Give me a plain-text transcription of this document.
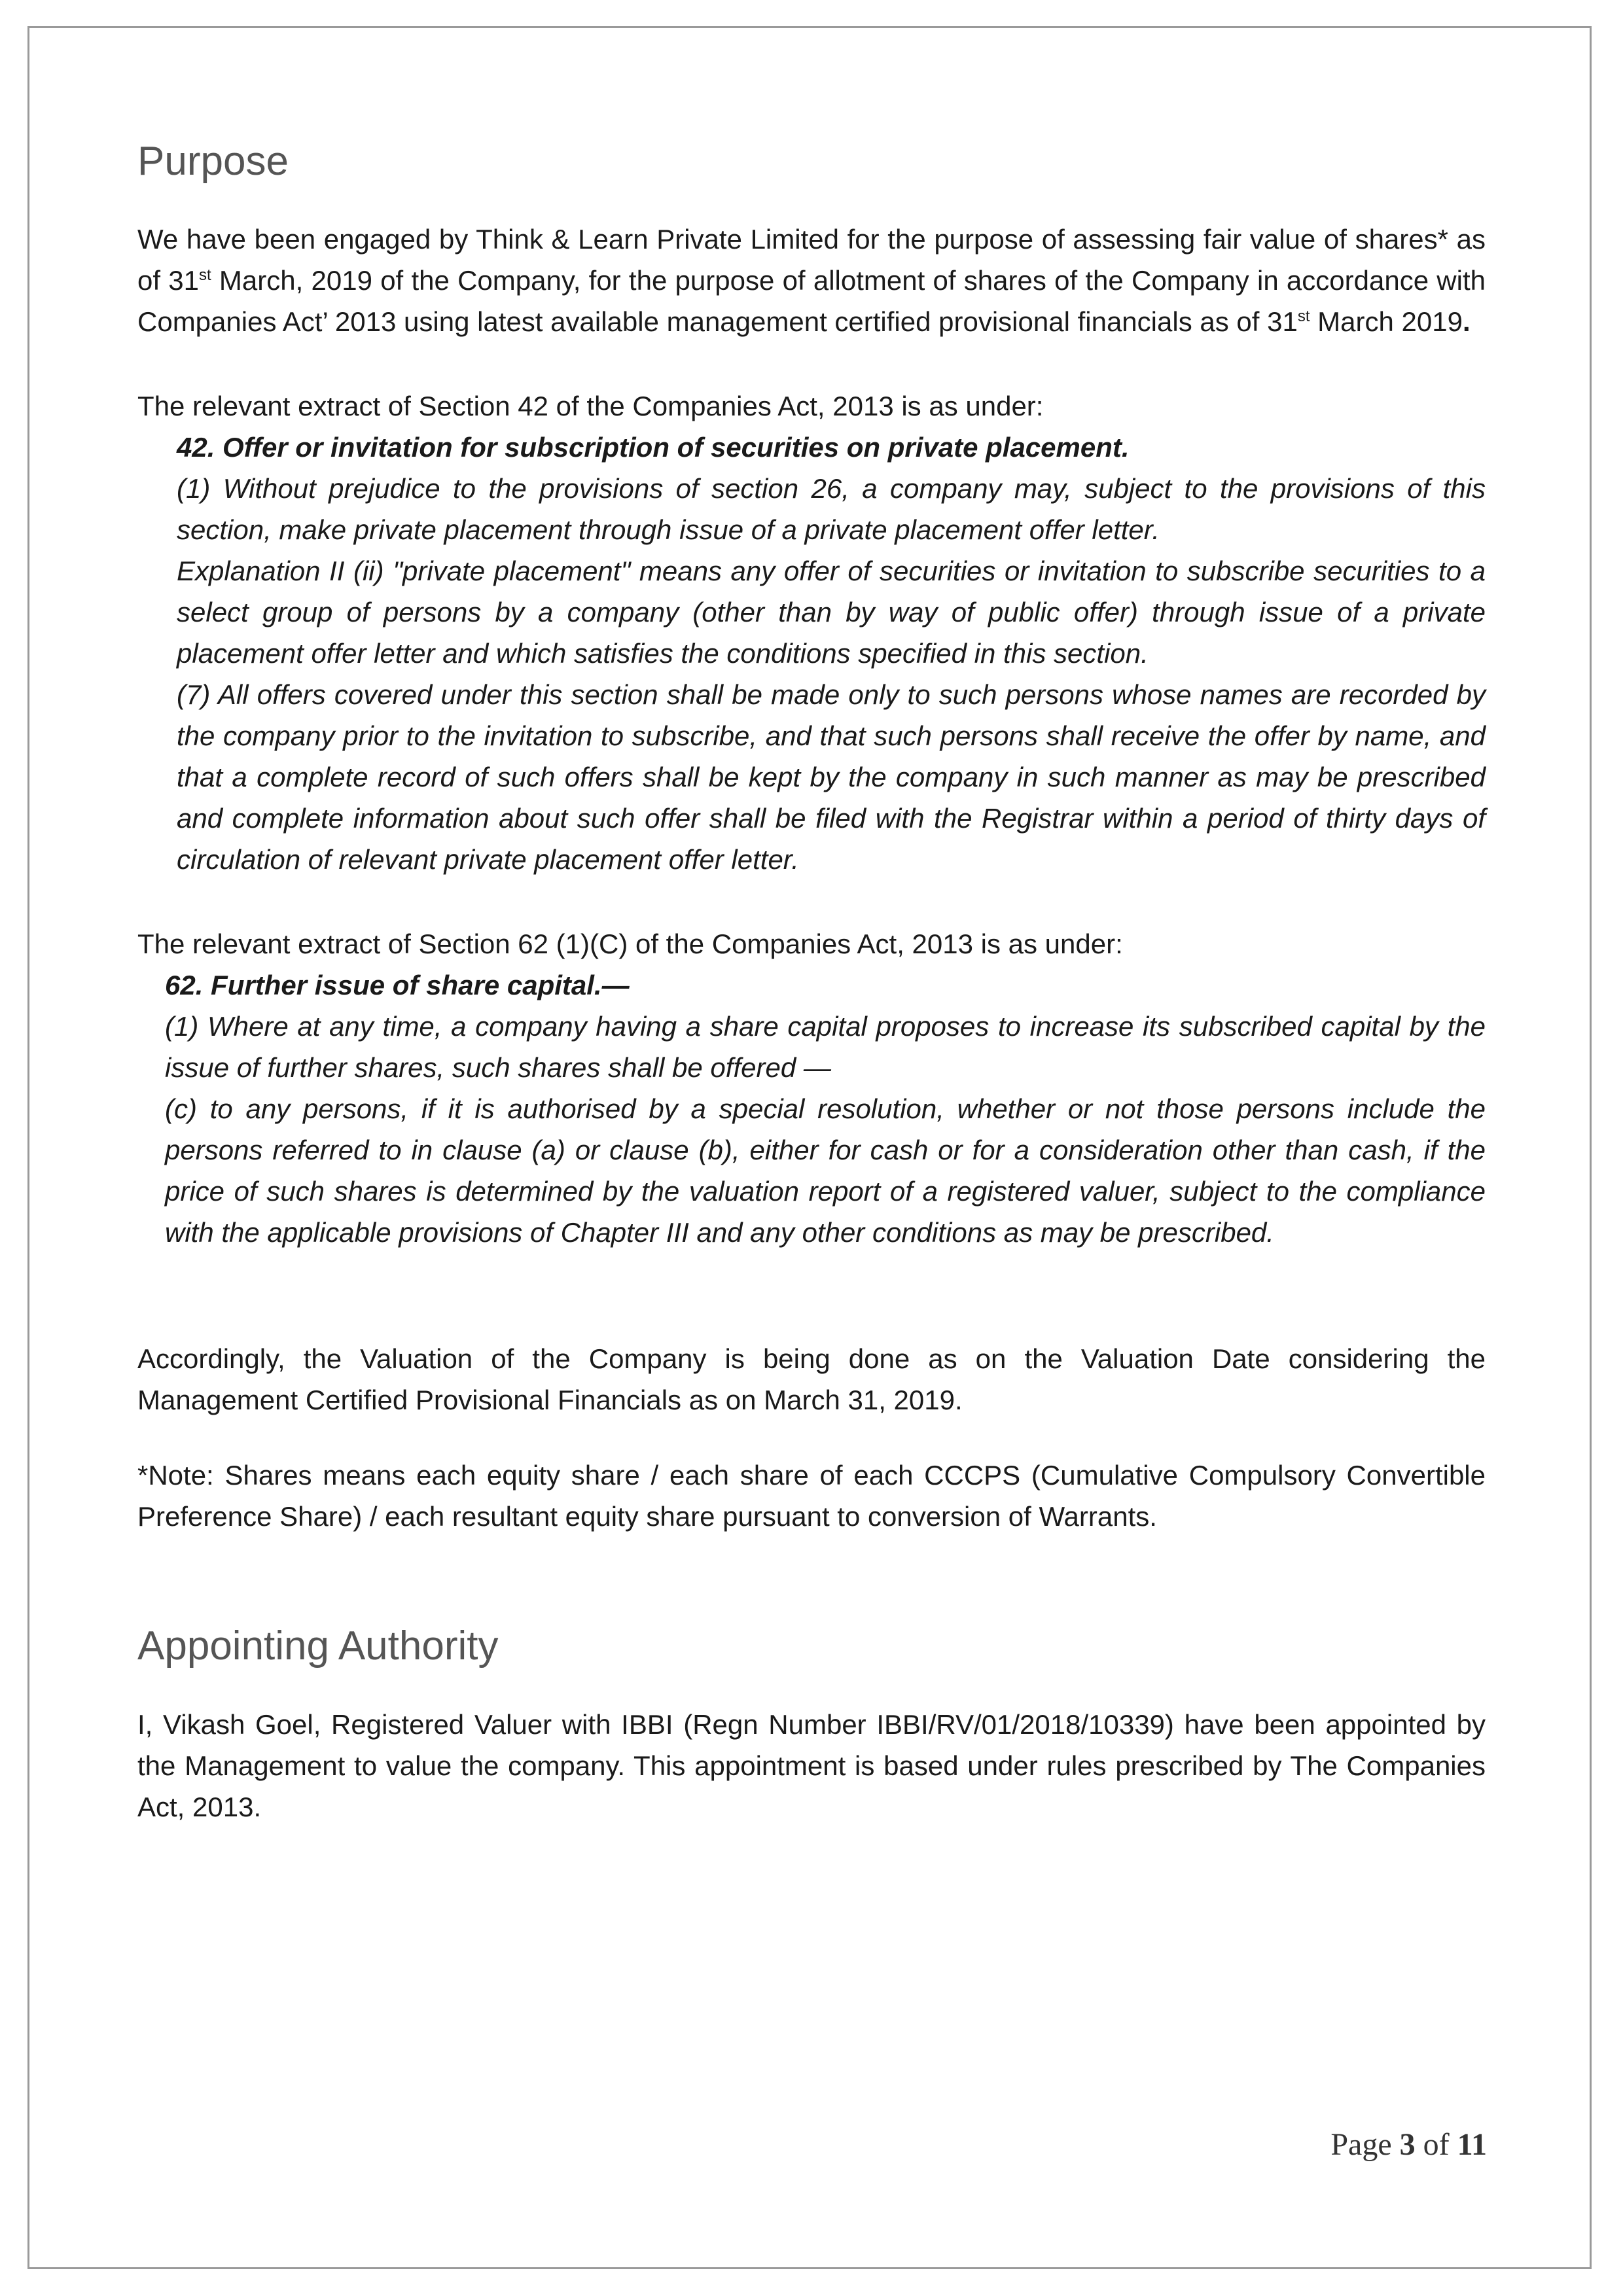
Purpose

We have been engaged by Think & Learn Private Limited for the purpose of assessing fair value of shares* as of 31st March, 2019 of the Company, for the purpose of allotment of shares of the Company in accordance with Companies Act’ 2013 using latest available management certified provisional financials as of 31st March 2019.

The relevant extract of Section 42 of the Companies Act, 2013 is as under:

42. Offer or invitation for subscription of securities on private placement.
(1) Without prejudice to the provisions of section 26, a company may, subject to the provisions of this section, make private placement through issue of a private placement offer letter.
Explanation II (ii) "private placement" means any offer of securities or invitation to subscribe securities to a select group of persons by a company (other than by way of public offer) through issue of a private placement offer letter and which satisfies the conditions specified in this section.
(7) All offers covered under this section shall be made only to such persons whose names are recorded by the company prior to the invitation to subscribe, and that such persons shall receive the offer by name, and that a complete record of such offers shall be kept by the company in such manner as may be prescribed and complete information about such offer shall be filed with the Registrar within a period of thirty days of circulation of relevant private placement offer letter.

The relevant extract of Section 62 (1)(C) of the Companies Act, 2013 is as under:

62. Further issue of share capital.—
(1) Where at any time, a company having a share capital proposes to increase its subscribed capital by the issue of further shares, such shares shall be offered —
(c) to any persons, if it is authorised by a special resolution, whether or not those persons include the persons referred to in clause (a) or clause (b), either for cash or for a consideration other than cash, if the price of such shares is determined by the valuation report of a registered valuer, subject to the compliance with the applicable provisions of Chapter III and any other conditions as may be prescribed.

Accordingly, the Valuation of the Company is being done as on the Valuation Date considering the Management Certified Provisional Financials as on March 31, 2019.

*Note: Shares means each equity share / each share of each CCCPS (Cumulative Compulsory Convertible Preference Share) / each resultant equity share pursuant to conversion of Warrants.

Appointing Authority

I, Vikash Goel, Registered Valuer with IBBI (Regn Number IBBI/RV/01/2018/10339) have been appointed by the Management to value the company. This appointment is based under rules prescribed by The Companies Act, 2013.

Page 3 of 11
